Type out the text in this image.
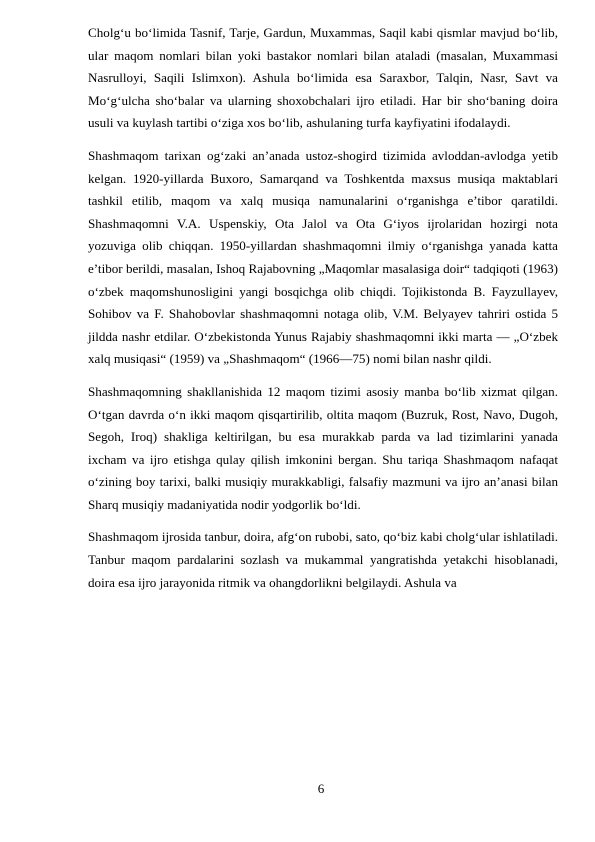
Cholg‘u bo‘limida Tasnif, Tarje, Gardun, Muxammas, Saqil kabi qismlar mavjud bo‘lib, ular maqom nomlari bilan yoki bastakor nomlari bilan ataladi (masalan, Muxammasi Nasrulloyi, Saqili Islimxon). Ashula bo‘limida esa Saraxbor, Talqin, Nasr, Savt va Mo‘g‘ulcha sho‘balar va ularning shoxobchalari ijro etiladi. Har bir sho‘baning doira usuli va kuylash tartibi o‘ziga xos bo‘lib, ashulaning turfa kayfiyatini ifodalaydi.

Shashmaqom tarixan og‘zaki an’anada ustoz-shogird tizimida avloddan-avlodga yetib kelgan. 1920-yillarda Buxoro, Samarqand va Toshkentda maxsus musiqa maktablari tashkil etilib, maqom va xalq musiqa namunalarini o‘rganishga e’tibor qaratildi. Shashmaqomni V.A. Uspenskiy, Ota Jalol va Ota G‘iyos ijrolaridan hozirgi nota yozuviga olib chiqqan. 1950-yillardan shashmaqomni ilmiy o‘rganishga yanada katta e’tibor berildi, masalan, Ishoq Rajabovning „Maqomlar masalasiga doir“ tadqiqoti (1963) o‘zbek maqomshunosligini yangi bosqichga olib chiqdi. Tojikistonda B. Fayzullayev, Sohibov va F. Shahobovlar shashmaqomni notaga olib, V.M. Belyayev tahriri ostida 5 jildda nashr etdilar. O‘zbekistonda Yunus Rajabiy shashmaqomni ikki marta — „O‘zbek xalq musiqasi“ (1959) va „Shashmaqom“ (1966—75) nomi bilan nashr qildi.

Shashmaqomning shakllanishida 12 maqom tizimi asosiy manba bo‘lib xizmat qilgan. O‘tgan davrda o‘n ikki maqom qisqartirilib, oltita maqom (Buzruk, Rost, Navo, Dugoh, Segoh, Iroq) shakliga keltirilgan, bu esa murakkab parda va lad tizimlarini yanada ixcham va ijro etishga qulay qilish imkonini bergan. Shu tariqa Shashmaqom nafaqat o‘zining boy tarixi, balki musiqiy murakkabligi, falsafiy mazmuni va ijro an’anasi bilan Sharq musiqiy madaniyatida nodir yodgorlik bo‘ldi.

Shashmaqom ijrosida tanbur, doira, afg‘on rubobi, sato, qo‘biz kabi cholg‘ular ishlatiladi. Tanbur maqom pardalarini sozlash va mukammal yangratishda yetakchi hisoblanadi, doira esa ijro jarayonida ritmik va ohangdorlikni belgilaydi. Ashula va

6
